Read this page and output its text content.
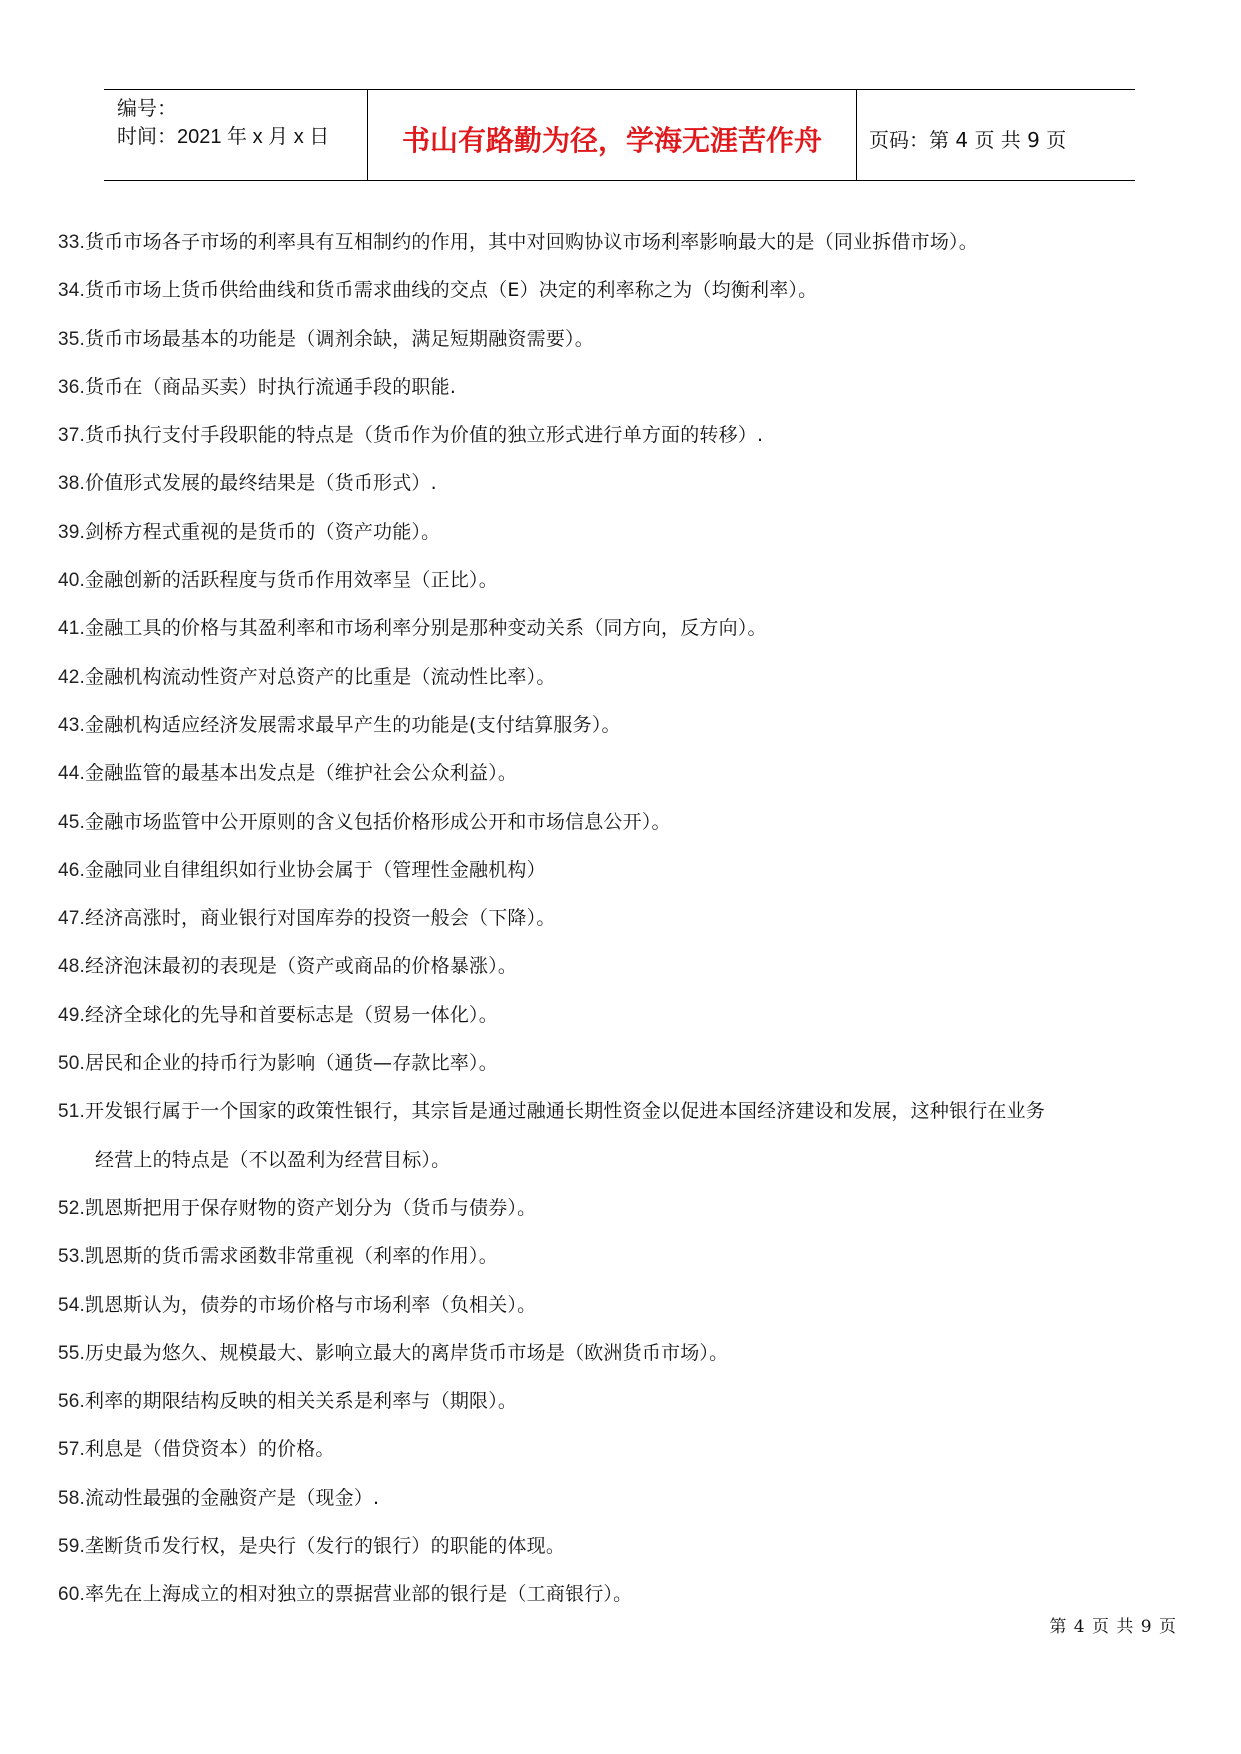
编号：
时间：2021 年 x 月 x 日	书山有路勤为径，学海无涯苦作舟	页码：第 4 页 共 9 页
33.货币市场各子市场的利率具有互相制约的作用，其中对回购协议市场利率影响最大的是（同业拆借市场）。
34.货币市场上货币供给曲线和货币需求曲线的交点（E）决定的利率称之为（均衡利率）。
35.货币市场最基本的功能是（调剂余缺，满足短期融资需要）。
36.货币在（商品买卖）时执行流通手段的职能.
37.货币执行支付手段职能的特点是（货币作为价值的独立形式进行单方面的转移）.
38.价值形式发展的最终结果是（货币形式）.
39.剑桥方程式重视的是货币的（资产功能）。
40.金融创新的活跃程度与货币作用效率呈（正比）。
41.金融工具的价格与其盈利率和市场利率分别是那种变动关系（同方向，反方向）。
42.金融机构流动性资产对总资产的比重是（流动性比率）。
43.金融机构适应经济发展需求最早产生的功能是(支付结算服务）。
44.金融监管的最基本出发点是（维护社会公众利益）。
45.金融市场监管中公开原则的含义包括价格形成公开和市场信息公开）。
46.金融同业自律组织如行业协会属于（管理性金融机构）
47.经济高涨时，商业银行对国库券的投资一般会（下降）。
48.经济泡沫最初的表现是（资产或商品的价格暴涨）。
49.经济全球化的先导和首要标志是（贸易一体化）。
50.居民和企业的持币行为影响（通货—存款比率）。
51.开发银行属于一个国家的政策性银行，其宗旨是通过融通长期性资金以促进本国经济建设和发展，这种银行在业务
经营上的特点是（不以盈利为经营目标）。
52.凯恩斯把用于保存财物的资产划分为（货币与债券）。
53.凯恩斯的货币需求函数非常重视（利率的作用）。
54.凯恩斯认为，债券的市场价格与市场利率（负相关）。
55.历史最为悠久、规模最大、影响立最大的离岸货币市场是（欧洲货币市场）。
56.利率的期限结构反映的相关关系是利率与（期限）。
57.利息是（借贷资本）的价格。
58.流动性最强的金融资产是（现金）.
59.垄断货币发行权，是央行（发行的银行）的职能的体现。
60.率先在上海成立的相对独立的票据营业部的银行是（工商银行）。
第 4 页 共 9 页
